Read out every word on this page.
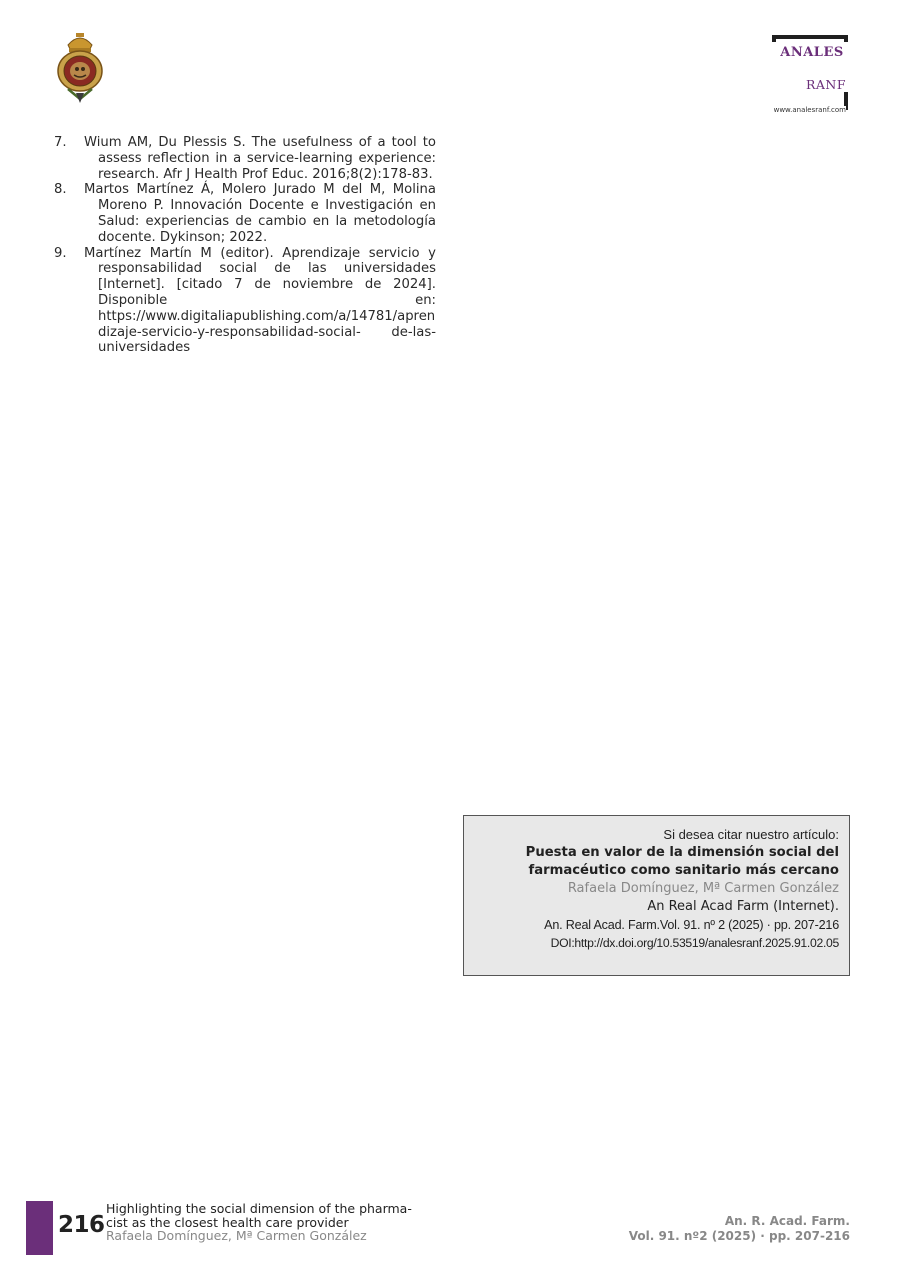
ANALES
RANF
www.analesranf.com
7. Wium AM, Du Plessis S. The usefulness of a tool to assess reflection in a service-learning experience: research. Afr J Health Prof Educ. 2016;8(2):178-83.
8. Martos Martínez Á, Molero Jurado M del M, Molina Moreno P. Innovación Docente e Investigación en Salud: experiencias de cambio en la metodología docente. Dykinson; 2022.
9. Martínez Martín M (editor). Aprendizaje servicio y responsabilidad social de las universidades [Internet]. [citado 7 de noviembre de 2024]. Disponible en: https://www.digitaliapublishing.com/a/14781/aprendizaje-servicio-y-responsabilidad-social- de-las-universidades
Si desea citar nuestro artículo:
Puesta en valor de la dimensión social del
farmacéutico como sanitario más cercano
Rafaela Domínguez, Mª Carmen González
An Real Acad Farm (Internet).
An. Real Acad. Farm.Vol. 91. nº 2 (2025) · pp. 207-216
DOI:http://dx.doi.org/10.53519/analesranf.2025.91.02.05
216
Highlighting the social dimension of the pharma-
cist as the closest health care provider
Rafaela Domínguez, Mª Carmen González
An. R. Acad. Farm.
Vol. 91. nº2 (2025) · pp. 207-216
